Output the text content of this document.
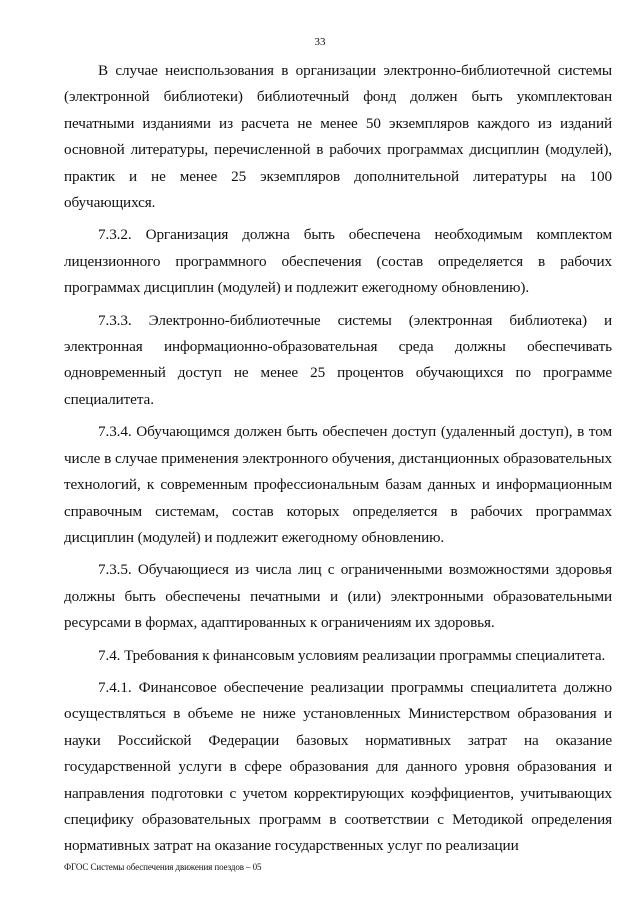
33

В случае неиспользования в организации электронно-библиотечной системы (электронной библиотеки) библиотечный фонд должен быть укомплектован печатными изданиями из расчета не менее 50 экземпляров каждого из изданий основной литературы, перечисленной в рабочих программах дисциплин (модулей), практик и не менее 25 экземпляров дополнительной литературы на 100 обучающихся.

7.3.2. Организация должна быть обеспечена необходимым комплектом лицензионного программного обеспечения (состав определяется в рабочих программах дисциплин (модулей) и подлежит ежегодному обновлению).

7.3.3. Электронно-библиотечные системы (электронная библиотека) и электронная информационно-образовательная среда должны обеспечивать одновременный доступ не менее 25 процентов обучающихся по программе специалитета.

7.3.4. Обучающимся должен быть обеспечен доступ (удаленный доступ), в том числе в случае применения электронного обучения, дистанционных образовательных технологий, к современным профессиональным базам данных и информационным справочным системам, состав которых определяется в рабочих программах дисциплин (модулей) и подлежит ежегодному обновлению.

7.3.5. Обучающиеся из числа лиц с ограниченными возможностями здоровья должны быть обеспечены печатными и (или) электронными образовательными ресурсами в формах, адаптированных к ограничениям их здоровья.

7.4. Требования к финансовым условиям реализации программы специалитета.

7.4.1. Финансовое обеспечение реализации программы специалитета должно осуществляться в объеме не ниже установленных Министерством образования и науки Российской Федерации базовых нормативных затрат на оказание государственной услуги в сфере образования для данного уровня образования и направления подготовки с учетом корректирующих коэффициентов, учитывающих специфику образовательных программ в соответствии с Методикой определения нормативных затрат на оказание государственных услуг по реализации

ФГОС Системы обеспечения движения поездов – 05
